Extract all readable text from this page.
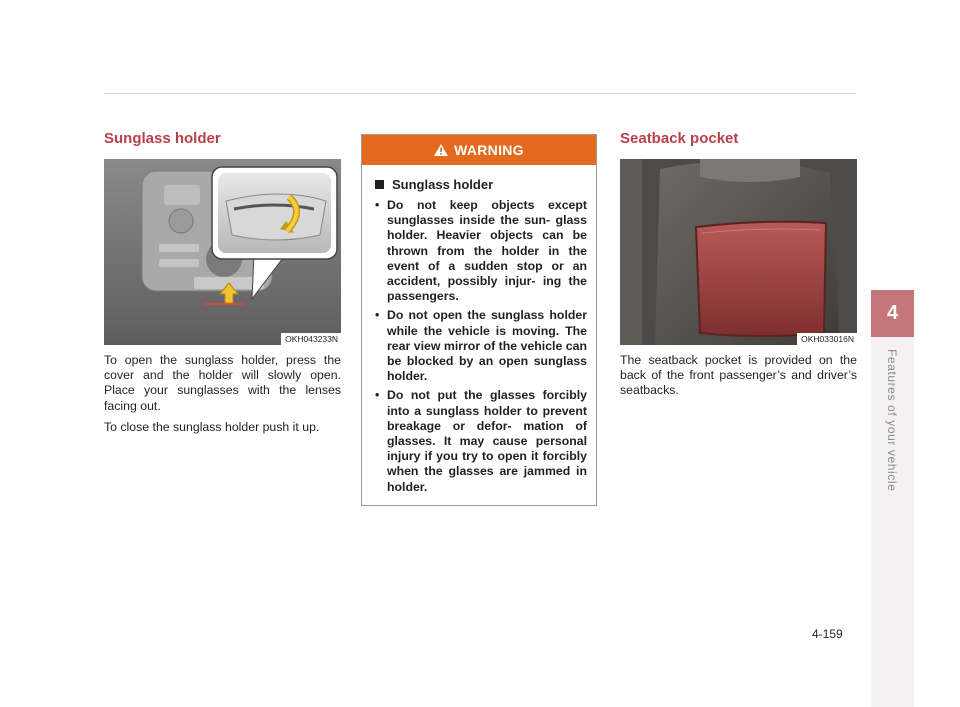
Sunglass holder
OKH043233N

To open the sunglass holder, press the cover and the holder will slowly open. Place your sunglasses with the lenses facing out.

To close the sunglass holder push it up.

WARNING
Sunglass holder
• Do not keep objects except sunglasses inside the sun- glass holder. Heavier objects can be thrown from the holder in the event of a sudden stop or an accident, possibly injur- ing the passengers.
• Do not open the sunglass holder while the vehicle is moving. The rear view mirror of the vehicle can be blocked by an open sunglass holder.
• Do not put the glasses forcibly into a sunglass holder to prevent breakage or defor- mation of glasses. It may cause personal injury if you try to open it forcibly when the glasses are jammed in holder.
Seatback pocket
OKH033016N

The seatback pocket is provided on the back of the front passenger’s and driver’s seatbacks.

4
Features of your vehicle
4-159
